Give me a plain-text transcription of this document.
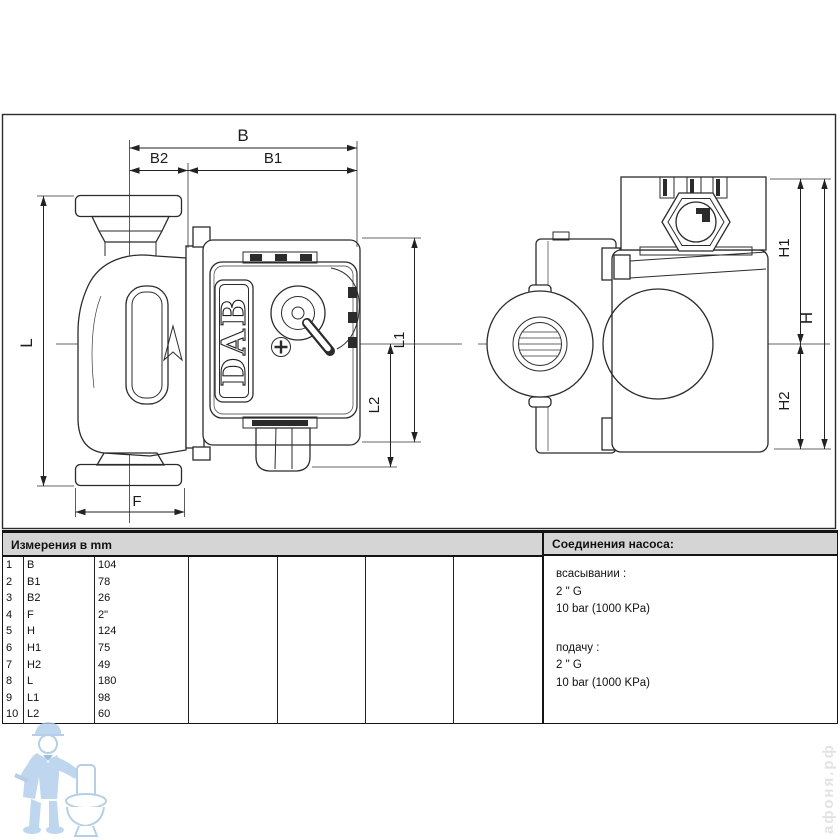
DAB
B
B2	B1
L
F
L1
L2
H1
H2
H
Измерения в mm						
1	B	104				
2	B1	78				
3	B2	26				
4	F	2"				
5	H	124				
6	H1	75				
7	H2	49				
8	L	180				
9	L1	98				
10	L2	60				
Соединения насоса:
всасывании :
2 " G
10 bar (1000 KPa)
подачу :
2 " G
10 bar (1000 KPa)
афоня.рф
